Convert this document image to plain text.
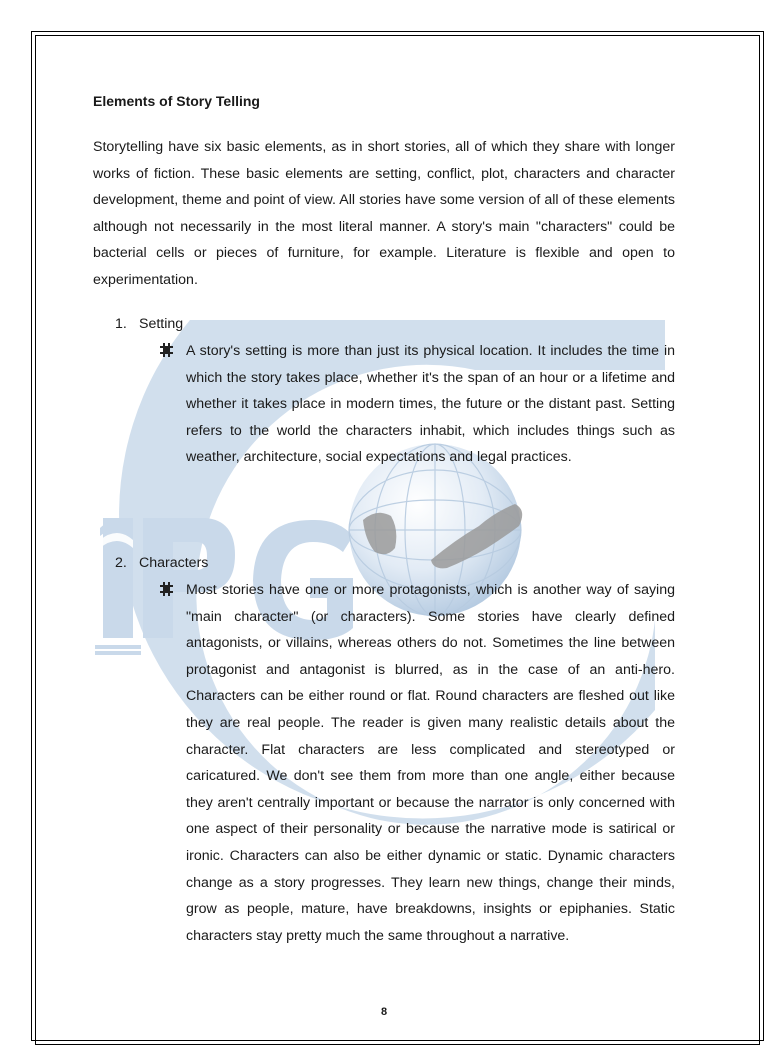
Elements of Story Telling

Storytelling have six basic elements, as in short stories, all of which they share with longer works of fiction. These basic elements are setting, conflict, plot, characters and character development, theme and point of view. All stories have some version of all of these elements although not necessarily in the most literal manner. A story's main "characters" could be bacterial cells or pieces of furniture, for example. Literature is flexible and open to experimentation.

1. Setting

A story's setting is more than just its physical location. It includes the time in which the story takes place, whether it's the span of an hour or a lifetime and whether it takes place in modern times, the future or the distant past. Setting refers to the world the characters inhabit, which includes things such as weather, architecture, social expectations and legal practices.

2. Characters

Most stories have one or more protagonists, which is another way of saying "main character" (or characters). Some stories have clearly defined antagonists, or villains, whereas others do not. Sometimes the line between protagonist and antagonist is blurred, as in the case of an anti-hero. Characters can be either round or flat. Round characters are fleshed out like they are real people. The reader is given many realistic details about the character. Flat characters are less complicated and stereotyped or caricatured. We don't see them from more than one angle, either because they aren't centrally important or because the narrator is only concerned with one aspect of their personality or because the narrative mode is satirical or ironic. Characters can also be either dynamic or static. Dynamic characters change as a story progresses. They learn new things, change their minds, grow as people, mature, have breakdowns, insights or epiphanies. Static characters stay pretty much the same throughout a narrative.

8
